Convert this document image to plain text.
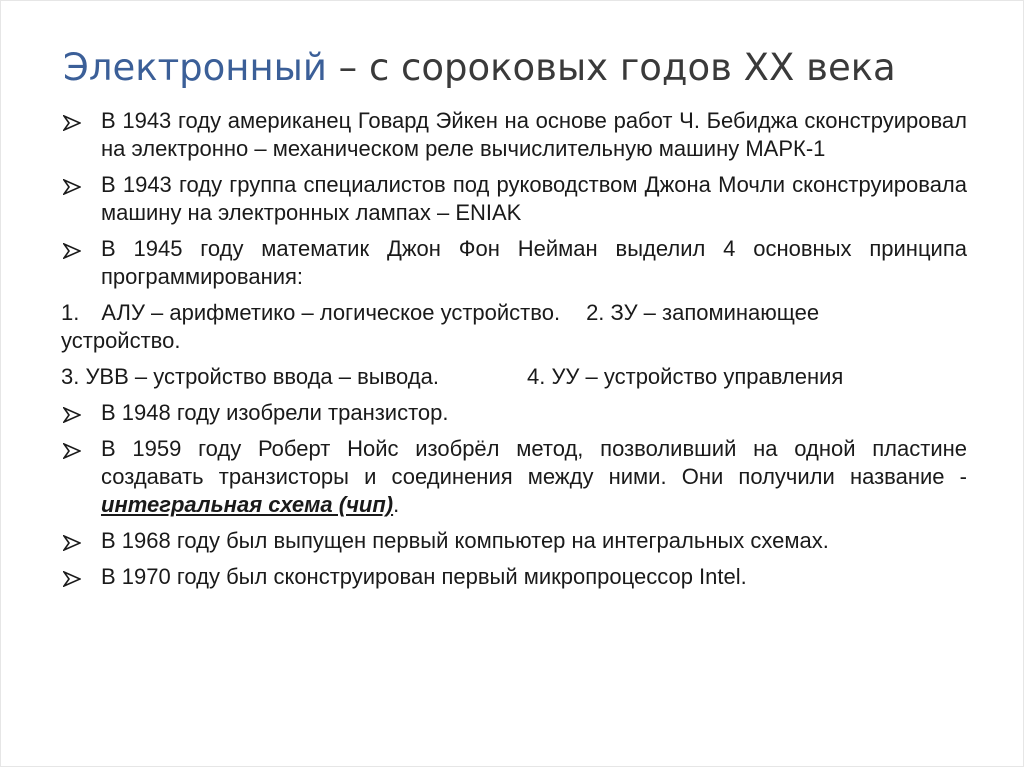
Электронный – с сороковых годов XX века
В 1943 году американец Говард Эйкен на основе работ Ч. Бебиджа сконструировал на электронно – механическом реле вычислительную машину МАРК-1
В 1943 году группа специалистов под руководством Джона Мочли сконструировала машину на электронных лампах – ENIAK
В 1945 году математик Джон Фон Нейман выделил 4 основных принципа программирования:
1. АЛУ – арифметико – логическое устройство. 2. ЗУ – запоминающее
устройство.
3. УВВ – устройство ввода – вывода.	4. УУ – устройство управления
В 1948 году изобрели транзистор.
В 1959 году Роберт Нойс изобрёл метод, позволивший на одной пластине создавать транзисторы и соединения между ними. Они получили название - интегральная схема (чип).
В 1968 году был выпущен первый компьютер на интегральных схемах.
В 1970 году был сконструирован первый микропроцессор Intel.
